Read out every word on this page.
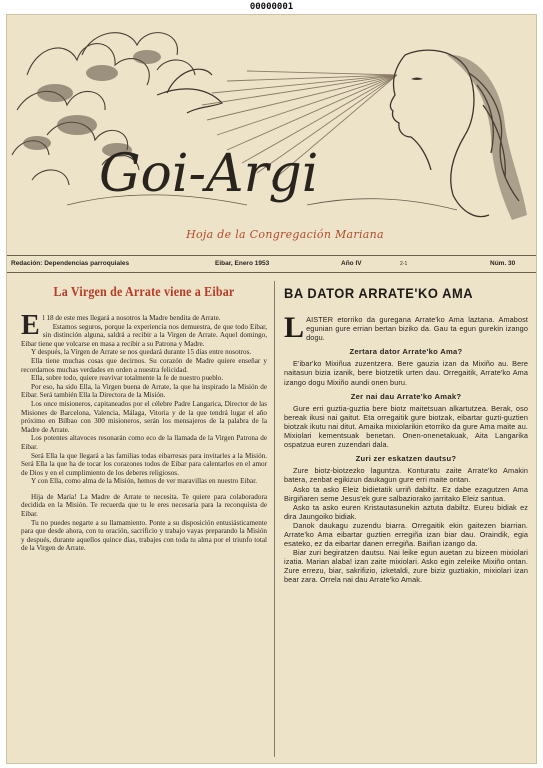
00000001
Goi-Argi
Hoja de la Congregación Mariana
Redación: Dependencias parroquiales	Eibar, Enero 1953	Año IV	2-1	Núm. 30
La Virgen de Arrate viene a Eibar

El 18 de este mes llegará a nosotros la Madre bendita de Arrate.

Estamos seguros, porque la experiencia nos demuestra, de que todo Eibar, sin distinción alguna, saldrá a recibir a la Virgen de Arrate. Aquel domingo, Eibar tiene que volcarse en masa a recibir a su Patrona y Madre.

Y después, la Virgen de Arrate se nos quedará durante 15 días entre nosotros.

Ella tiene muchas cosas que decirnos. Su corazón de Madre quiere enseñar y recordarnos muchas verdades en orden a nuestra felicidad.

Ella, sobre todo, quiere reavivar totalmente la fe de nuestro pueblo.

Por eso, ha sido Ella, la Virgen buena de Arrate, la que ha inspirado la Misión de Eibar. Será también Ella la Directora de la Misión.

Los once misioneros, capitaneados por el célebre Padre Langarica, Director de las Misiones de Barcelona, Valencia, Málaga, Vitoria y de la que tendrá lugar el año próximo en Bilbao con 300 misioneros, serán los mensajeros de la palabra de la Madre de Arrate.

Los potentes altavoces resonarán como eco de la llamada de la Virgen Patrona de Eibar.

Será Ella la que llegará a las familias todas eibarresas para invitarles a la Misión. Será Ella la que ha de tocar los corazones todos de Eibar para calentarlos en el amor de Dios y en el cumplimiento de los deberes religiosos.

Y con Ella, como alma de la Misión, hemos de ver maravillas en nuestro Eibar.

Hija de María! La Madre de Arrate te necesita. Te quiere para colaboradora decidida en la Misión. Te recuerda que tu le eres necesaria para la reconquista de Eibar.

Tu no puedes negarte a su llamamiento. Ponte a su disposición entusiásticamente para que desde ahora, con tu oración, sacrificio y trabajo vayas preparando la Misión y después, durante aquellos quince días, trabajes con toda tu alma por el triunfo total de la Virgen de Arrate.

BA DATOR ARRATE'KO AMA

LAISTER etorriko da guregana Arrate'ko Ama laztana. Amabost egunian gure errian bertan biziko da. Gau ta egun gurekin izango dogu.

Zertara dator Arrate'ko Ama?

E'ibar'ko Mixiñua zuzentzera. Bere gauzia izan da Mixiño au. Bere naitasun bizia izanik, bere biotzetik urten dau. Orregaitik, Arrate'ko Ama izango dogu Mixiño aundi onen buru.

Zer nai dau Arrate'ko Amak?

Gure erri guztia-guztia bere biotz maitetsuan alkartutzea. Berak, oso bereak ikusi nai gaitut. Eta orregaitik gure biotzak, eibartar guzti-guztien biotzak ikutu nai ditut. Amaika mixiolarikin etorriko da gure Ama maite au. Mixiolari kementsuak benetan. Onen-onenetakuak, Aita Langarika ospatzua euren zuzendari dala.

Zuri zer eskatzen dautsu?

Zure biotz-biotzezko laguntza. Konturatu zaite Arrate'ko Amakin batera, zenbat egikizun daukagun gure erri maite ontan.

Asko ta asko Eleiz bidietatik urriñ dabiltz. Ez dabe ezagutzen Ama Birgiñaren seme Jesus'ek gure salbaziorako jarritako Eleiz santua.

Asko ta asko euren Kristautasunekin aztuta dabiltz. Eureu bidiak ez dira Jaungoiko bidiak.

Danok daukagu zuzendu biarra. Orregaitik ekin gaitezen biarrian. Arrate'ko Ama eibartar guztien erregiña izan biar dau. Oraindik, egia esateko, ez da eibartar danen erregiña. Baiñan izango da.

Biar zuri begiratzen dautsu. Nai leike egun auetan zu bizeen mixiolari izatia. Marian alaba! izan zaite mixiolari. Asko egin zeleike Mixiño ontan. Zure errezu, biar, sakrifizio, izketaldi, zure biziz guztiakin, mixiolari izan bear zara. Orrela nai dau Arrate'ko Amak.
